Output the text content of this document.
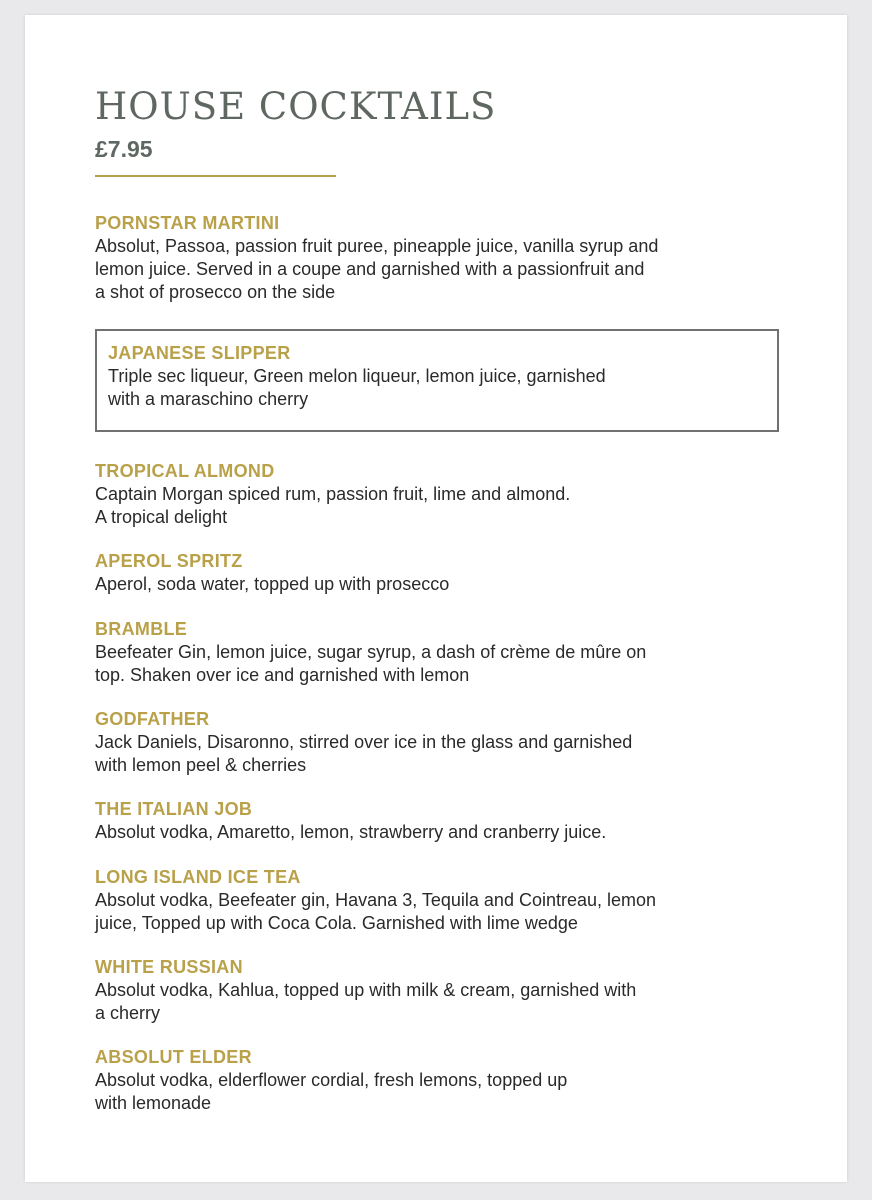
HOUSE COCKTAILS
£7.95
PORNSTAR MARTINI
Absolut, Passoa, passion fruit puree, pineapple juice, vanilla syrup and
lemon juice. Served in a coupe and garnished with a passionfruit and
a shot of prosecco on the side
JAPANESE SLIPPER
Triple sec liqueur, Green melon liqueur, lemon juice, garnished
with a maraschino cherry
TROPICAL ALMOND
Captain Morgan spiced rum, passion fruit, lime and almond.
A tropical delight
APEROL SPRITZ
Aperol, soda water, topped up with prosecco
BRAMBLE
Beefeater Gin, lemon juice, sugar syrup, a dash of crème de mûre on
top. Shaken over ice and garnished with lemon
GODFATHER
Jack Daniels, Disaronno, stirred over ice in the glass and garnished
with lemon peel & cherries
THE ITALIAN JOB
Absolut vodka, Amaretto, lemon, strawberry and cranberry juice.
LONG ISLAND ICE TEA
Absolut vodka, Beefeater gin, Havana 3, Tequila and Cointreau, lemon
juice, Topped up with Coca Cola. Garnished with lime wedge
WHITE RUSSIAN
Absolut vodka, Kahlua, topped up with milk & cream, garnished with
a cherry
ABSOLUT ELDER
Absolut vodka, elderflower cordial, fresh lemons, topped up
with lemonade
